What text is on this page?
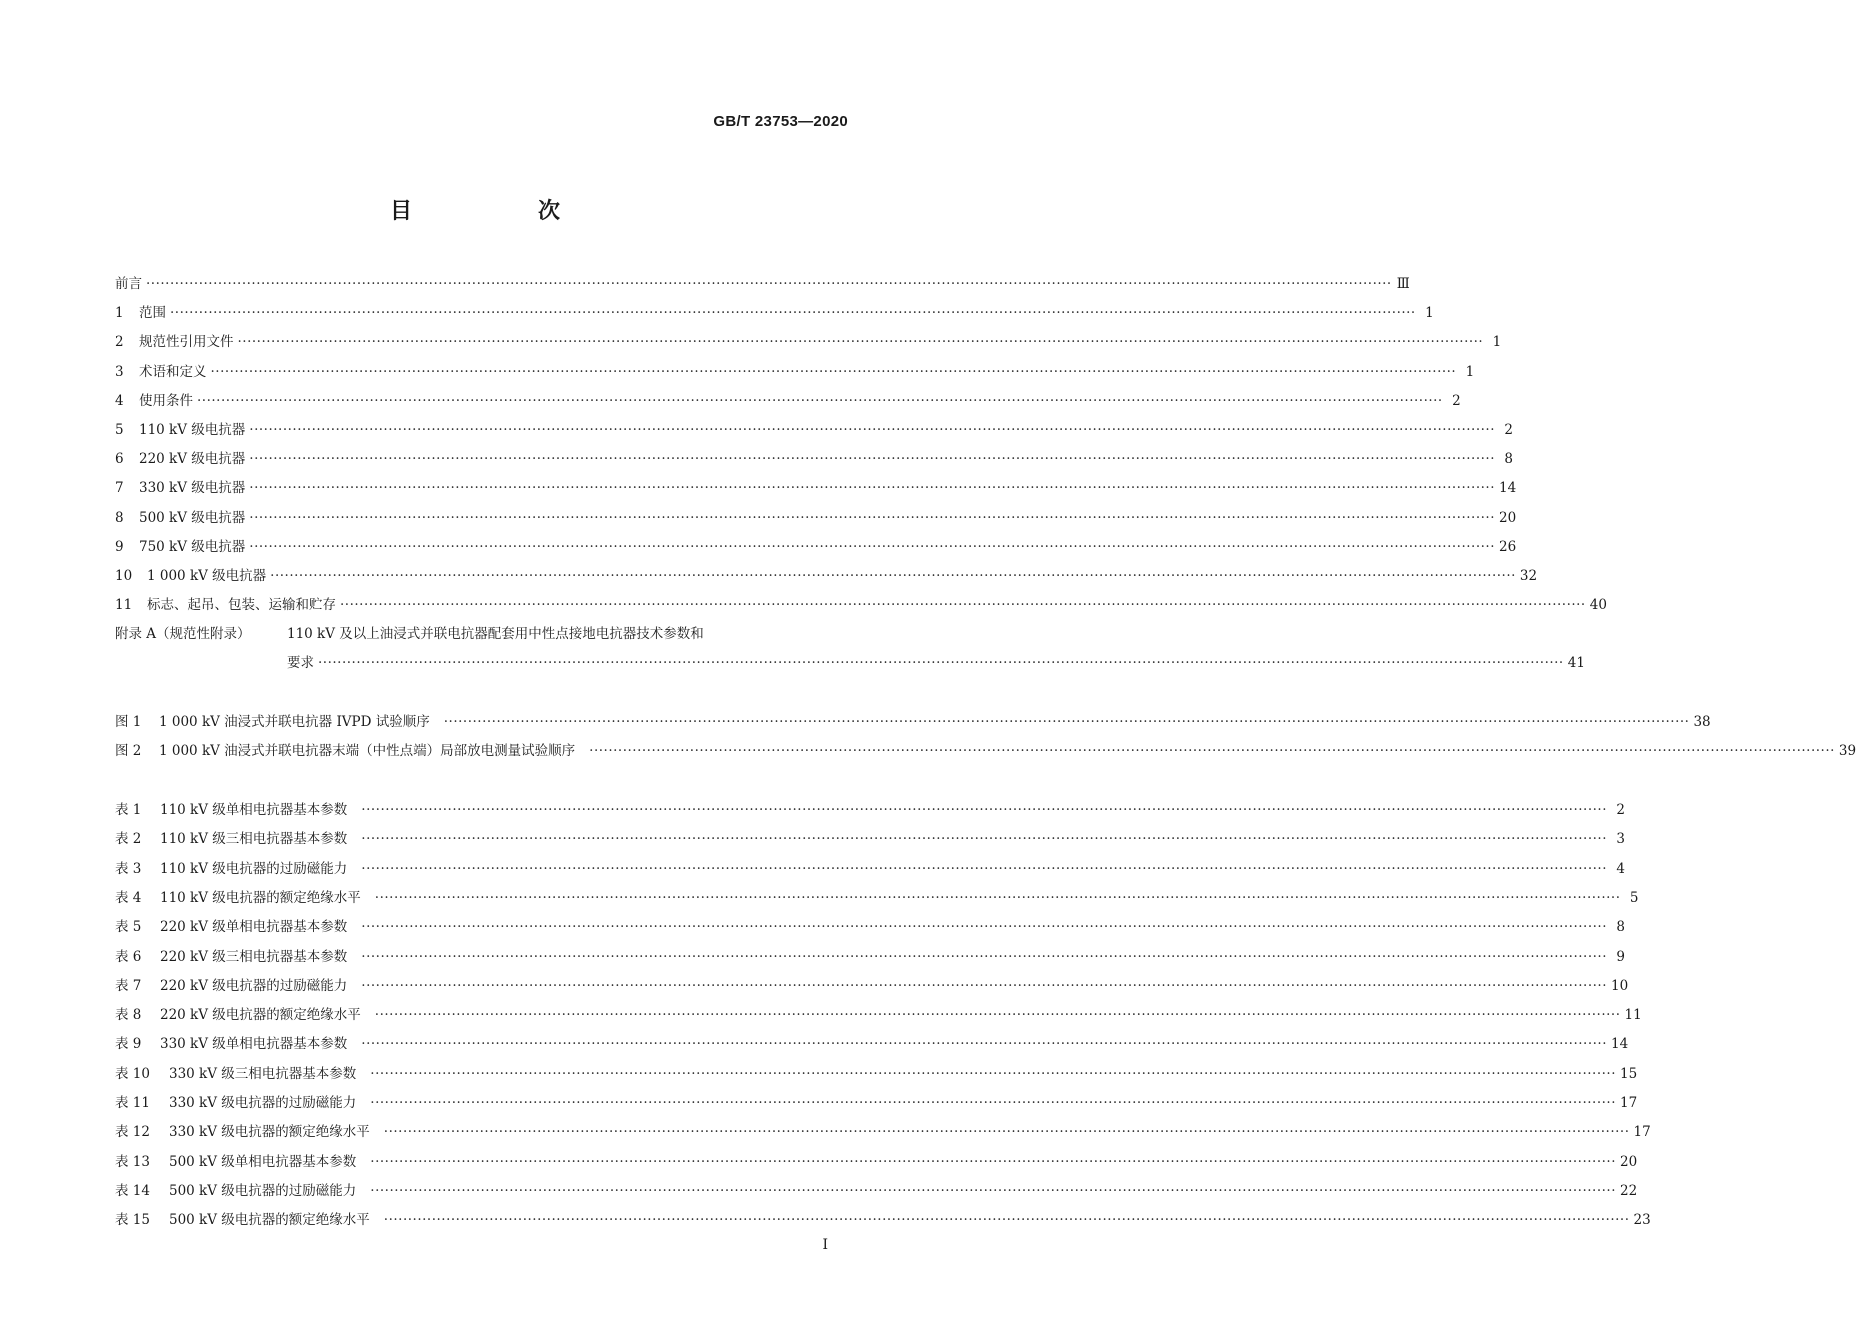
GB/T 23753—2020
目　次
前言 ···································································································································································································································································· Ⅲ
1	范围 ···································································································································································································································································· 1
2	规范性引用文件 ···································································································································································································································································· 1
3	术语和定义 ···································································································································································································································································· 1
4	使用条件 ···································································································································································································································································· 2
5	110 kV 级电抗器 ···································································································································································································································································· 2
6	220 kV 级电抗器 ···································································································································································································································································· 8
7	330 kV 级电抗器 ···································································································································································································································································· 14
8	500 kV 级电抗器 ···································································································································································································································································· 20
9	750 kV 级电抗器 ···································································································································································································································································· 26
10	1 000 kV 级电抗器 ···································································································································································································································································· 32
11	标志、起吊、包装、运输和贮存 ···································································································································································································································································· 40
附录 A（规范性附录）	110 kV 及以上油浸式并联电抗器配套用中性点接地电抗器技术参数和
要求 ···································································································································································································································································· 41
图 1	1 000 kV 油浸式并联电抗器 IVPD 试验顺序 ···································································································································································································································································· 38
图 2	1 000 kV 油浸式并联电抗器末端（中性点端）局部放电测量试验顺序 ···································································································································································································································································· 39
表 1	110 kV 级单相电抗器基本参数 ···································································································································································································································································· 2
表 2	110 kV 级三相电抗器基本参数 ···································································································································································································································································· 3
表 3	110 kV 级电抗器的过励磁能力 ···································································································································································································································································· 4
表 4	110 kV 级电抗器的额定绝缘水平 ···································································································································································································································································· 5
表 5	220 kV 级单相电抗器基本参数 ···································································································································································································································································· 8
表 6	220 kV 级三相电抗器基本参数 ···································································································································································································································································· 9
表 7	220 kV 级电抗器的过励磁能力 ···································································································································································································································································· 10
表 8	220 kV 级电抗器的额定绝缘水平 ···································································································································································································································································· 11
表 9	330 kV 级单相电抗器基本参数 ···································································································································································································································································· 14
表 10	330 kV 级三相电抗器基本参数 ···································································································································································································································································· 15
表 11	330 kV 级电抗器的过励磁能力 ···································································································································································································································································· 17
表 12	330 kV 级电抗器的额定绝缘水平 ···································································································································································································································································· 17
表 13	500 kV 级单相电抗器基本参数 ···································································································································································································································································· 20
表 14	500 kV 级电抗器的过励磁能力 ···································································································································································································································································· 22
表 15	500 kV 级电抗器的额定绝缘水平 ···································································································································································································································································· 23
I
